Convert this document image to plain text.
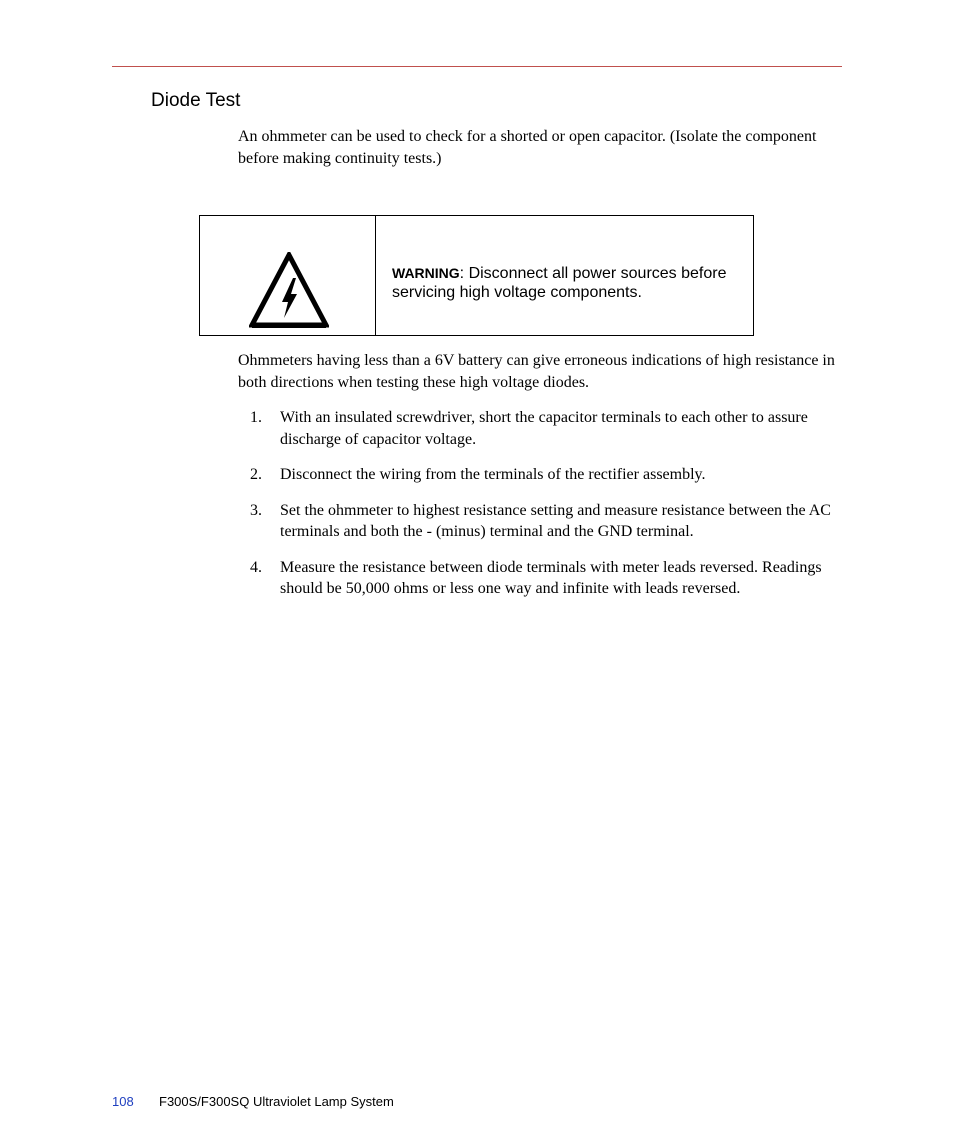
Diode Test

An ohmmeter can be used to check for a shorted or open capacitor. (Isolate the component before making continuity tests.)

WARNING: Disconnect all power sources before servicing high voltage components.

Ohmmeters having less than a 6V battery can give erroneous indications of high resistance in both directions when testing these high voltage diodes.

1.	With an insulated screwdriver, short the capacitor terminals to each other to assure discharge of capacitor voltage.
2.	Disconnect the wiring from the terminals of the rectifier assembly.
3.	Set the ohmmeter to highest resistance setting and measure resistance between the AC terminals and both the - (minus) terminal and the GND terminal.
4.	Measure the resistance between diode terminals with meter leads reversed. Readings should be 50,000 ohms or less one way and infinite with leads reversed.
108 F300S/F300SQ Ultraviolet Lamp System
